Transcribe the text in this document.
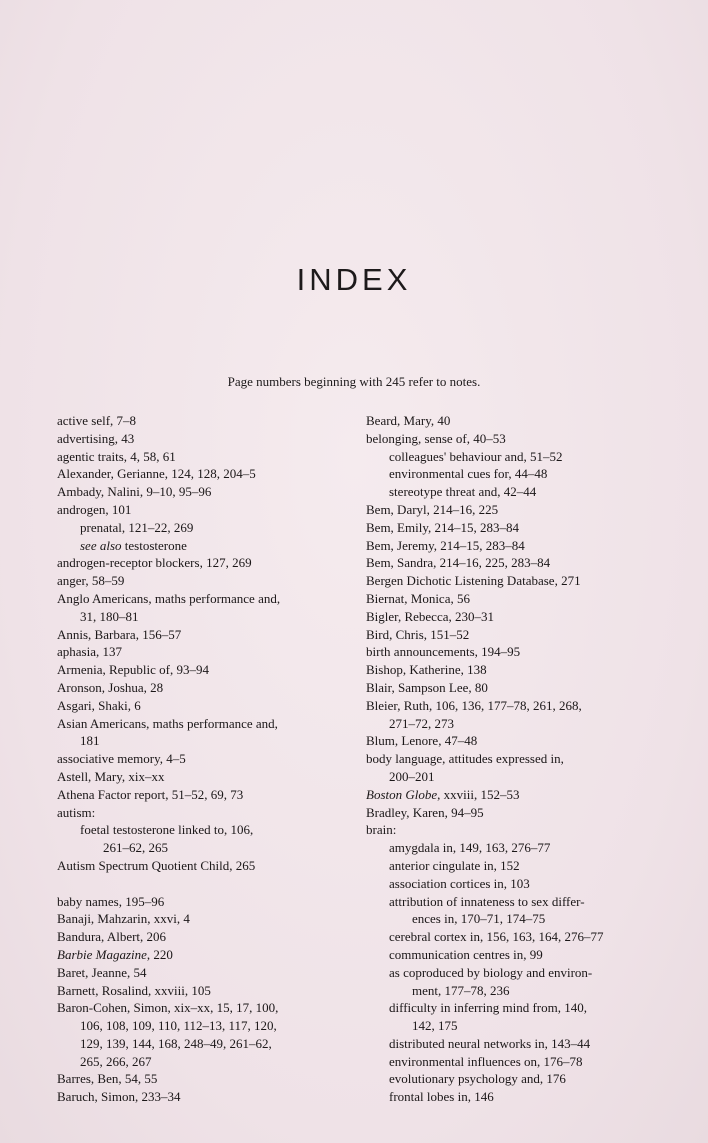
INDEX
Page numbers beginning with 245 refer to notes.
active self, 7–8
advertising, 43
agentic traits, 4, 58, 61
Alexander, Gerianne, 124, 128, 204–5
Ambady, Nalini, 9–10, 95–96
androgen, 101
prenatal, 121–22, 269
see also testosterone
androgen-receptor blockers, 127, 269
anger, 58–59
Anglo Americans, maths performance and,
31, 180–81
Annis, Barbara, 156–57
aphasia, 137
Armenia, Republic of, 93–94
Aronson, Joshua, 28
Asgari, Shaki, 6
Asian Americans, maths performance and,
181
associative memory, 4–5
Astell, Mary, xix–xx
Athena Factor report, 51–52, 69, 73
autism:
foetal testosterone linked to, 106,
261–62, 265
Autism Spectrum Quotient Child, 265
baby names, 195–96
Banaji, Mahzarin, xxvi, 4
Bandura, Albert, 206
Barbie Magazine, 220
Baret, Jeanne, 54
Barnett, Rosalind, xxviii, 105
Baron-Cohen, Simon, xix–xx, 15, 17, 100,
106, 108, 109, 110, 112–13, 117, 120,
129, 139, 144, 168, 248–49, 261–62,
265, 266, 267
Barres, Ben, 54, 55
Baruch, Simon, 233–34
Beard, Mary, 40
belonging, sense of, 40–53
colleagues' behaviour and, 51–52
environmental cues for, 44–48
stereotype threat and, 42–44
Bem, Daryl, 214–16, 225
Bem, Emily, 214–15, 283–84
Bem, Jeremy, 214–15, 283–84
Bem, Sandra, 214–16, 225, 283–84
Bergen Dichotic Listening Database, 271
Biernat, Monica, 56
Bigler, Rebecca, 230–31
Bird, Chris, 151–52
birth announcements, 194–95
Bishop, Katherine, 138
Blair, Sampson Lee, 80
Bleier, Ruth, 106, 136, 177–78, 261, 268,
271–72, 273
Blum, Lenore, 47–48
body language, attitudes expressed in,
200–201
Boston Globe, xxviii, 152–53
Bradley, Karen, 94–95
brain:
amygdala in, 149, 163, 276–77
anterior cingulate in, 152
association cortices in, 103
attribution of innateness to sex differ-
ences in, 170–71, 174–75
cerebral cortex in, 156, 163, 164, 276–77
communication centres in, 99
as coproduced by biology and environ-
ment, 177–78, 236
difficulty in inferring mind from, 140,
142, 175
distributed neural networks in, 143–44
environmental influences on, 176–78
evolutionary psychology and, 176
frontal lobes in, 146
